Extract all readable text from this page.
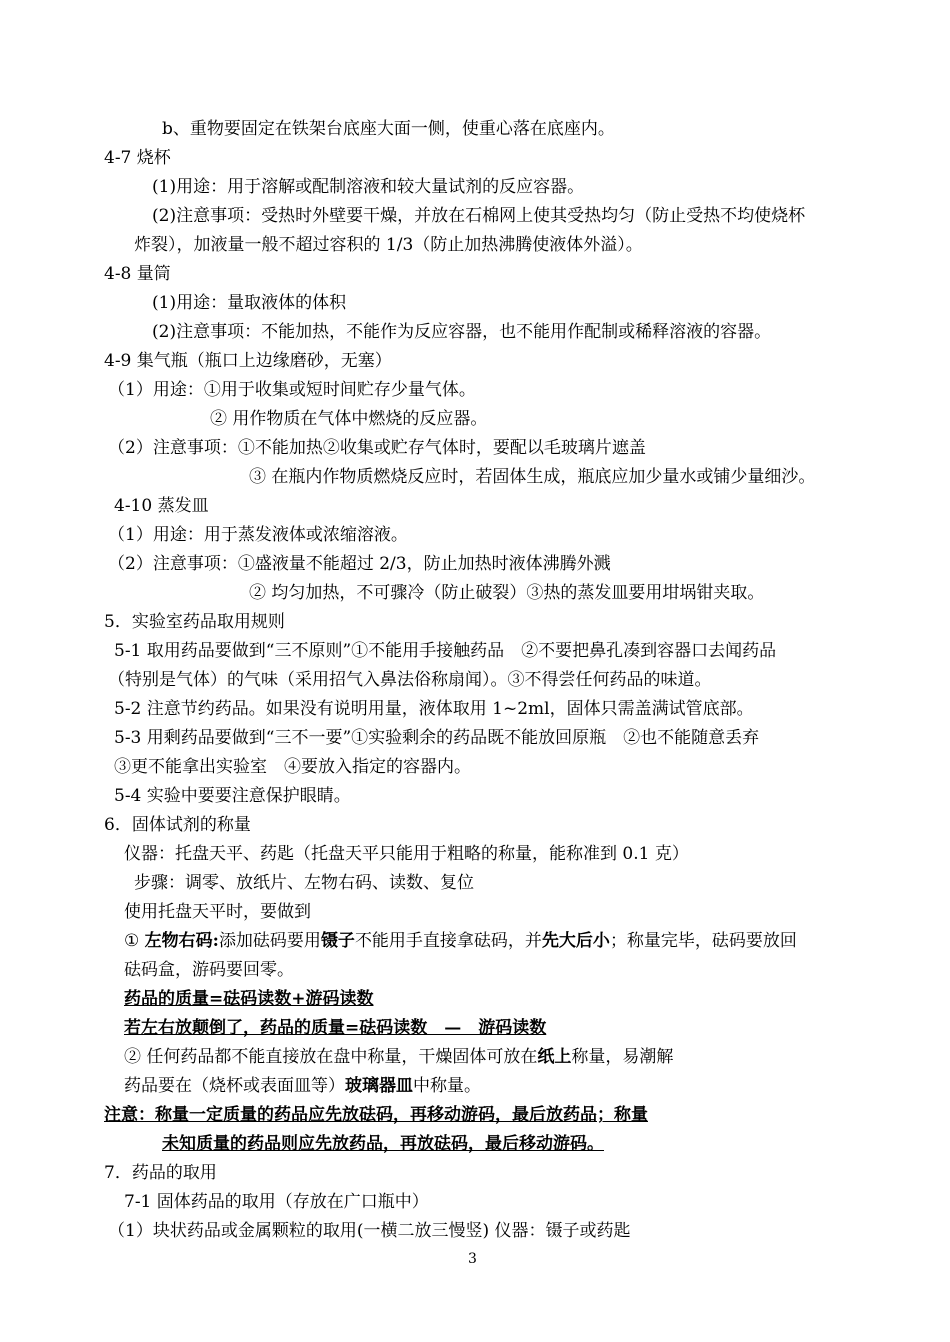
b、重物要固定在铁架台底座大面一侧，使重心落在底座内。
4-7 烧杯
(1)用途：用于溶解或配制溶液和较大量试剂的反应容器。
(2)注意事项：受热时外壁要干燥，并放在石棉网上使其受热均匀（防止受热不均使烧杯
炸裂），加液量一般不超过容积的 1/3（防止加热沸腾使液体外溢）。
4-8 量筒
(1)用途：量取液体的体积
(2)注意事项：不能加热，不能作为反应容器，也不能用作配制或稀释溶液的容器。
4-9 集气瓶（瓶口上边缘磨砂，无塞）
（1）用途：①用于收集或短时间贮存少量气体。
② 用作物质在气体中燃烧的反应器。
（2）注意事项：①不能加热②收集或贮存气体时，要配以毛玻璃片遮盖
③ 在瓶内作物质燃烧反应时，若固体生成，瓶底应加少量水或铺少量细沙。
4-10 蒸发皿
（1）用途：用于蒸发液体或浓缩溶液。
（2）注意事项：①盛液量不能超过 2/3，防止加热时液体沸腾外溅
② 均匀加热，不可骤冷（防止破裂）③热的蒸发皿要用坩埚钳夹取。
5．实验室药品取用规则
5-1 取用药品要做到“三不原则”①不能用手接触药品　②不要把鼻孔凑到容器口去闻药品
（特别是气体）的气味（采用招气入鼻法俗称扇闻）。③不得尝任何药品的味道。
5-2 注意节约药品。如果没有说明用量，液体取用 1~2ml，固体只需盖满试管底部。
5-3 用剩药品要做到“三不一要”①实验剩余的药品既不能放回原瓶　②也不能随意丢弃
③更不能拿出实验室　④要放入指定的容器内。
5-4 实验中要要注意保护眼睛。
6．固体试剂的称量
仪器：托盘天平、药匙（托盘天平只能用于粗略的称量，能称准到 0.1 克）
步骤：调零、放纸片、左物右码、读数、复位
使用托盘天平时，要做到
① 左物右码:添加砝码要用镊子不能用手直接拿砝码，并先大后小；称量完毕，砝码要放回
砝码盒，游码要回零。
药品的质量=砝码读数+游码读数
若左右放颠倒了，药品的质量=砝码读数　—　游码读数
② 任何药品都不能直接放在盘中称量，干燥固体可放在纸上称量，易潮解
药品要在（烧杯或表面皿等）玻璃器皿中称量。
注意：称量一定质量的药品应先放砝码，再移动游码，最后放药品；称量
未知质量的药品则应先放药品，再放砝码，最后移动游码。
7．药品的取用
7-1 固体药品的取用（存放在广口瓶中）
（1）块状药品或金属颗粒的取用(一横二放三慢竖) 仪器：镊子或药匙
3
